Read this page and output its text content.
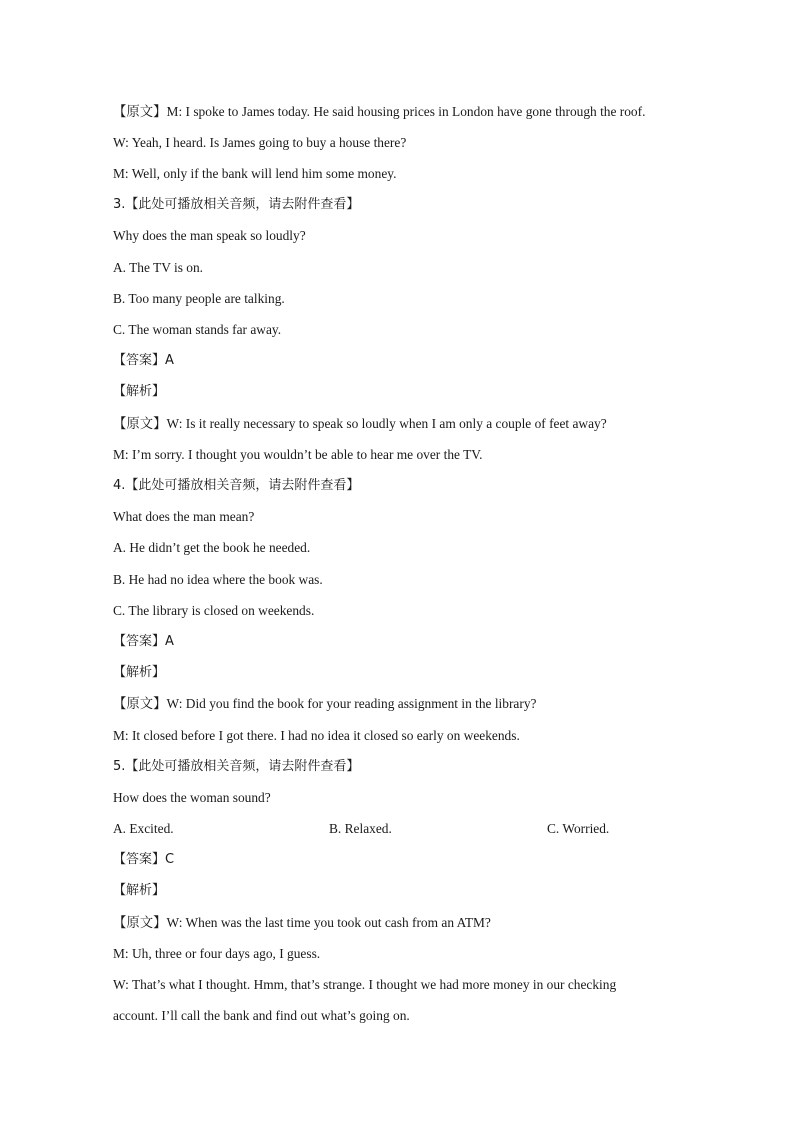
【原文】M: I spoke to James today. He said housing prices in London have gone through the roof.
W: Yeah, I heard. Is James going to buy a house there?
M: Well, only if the bank will lend him some money.
3.【此处可播放相关音频，请去附件查看】
Why does the man speak so loudly?
A. The TV is on.
B. Too many people are talking.
C. The woman stands far away.
【答案】A
【解析】
【原文】W: Is it really necessary to speak so loudly when I am only a couple of feet away?
M: I’m sorry. I thought you wouldn’t be able to hear me over the TV.
4.【此处可播放相关音频，请去附件查看】
What does the man mean?
A. He didn’t get the book he needed.
B. He had no idea where the book was.
C. The library is closed on weekends.
【答案】A
【解析】
【原文】W: Did you find the book for your reading assignment in the library?
M: It closed before I got there. I had no idea it closed so early on weekends.
5.【此处可播放相关音频，请去附件查看】
How does the woman sound?
A. Excited.	B. Relaxed.	C. Worried.
【答案】C
【解析】
【原文】W: When was the last time you took out cash from an ATM?
M: Uh, three or four days ago, I guess.
W: That’s what I thought. Hmm, that’s strange. I thought we had more money in our checking
account. I’ll call the bank and find out what’s going on.
